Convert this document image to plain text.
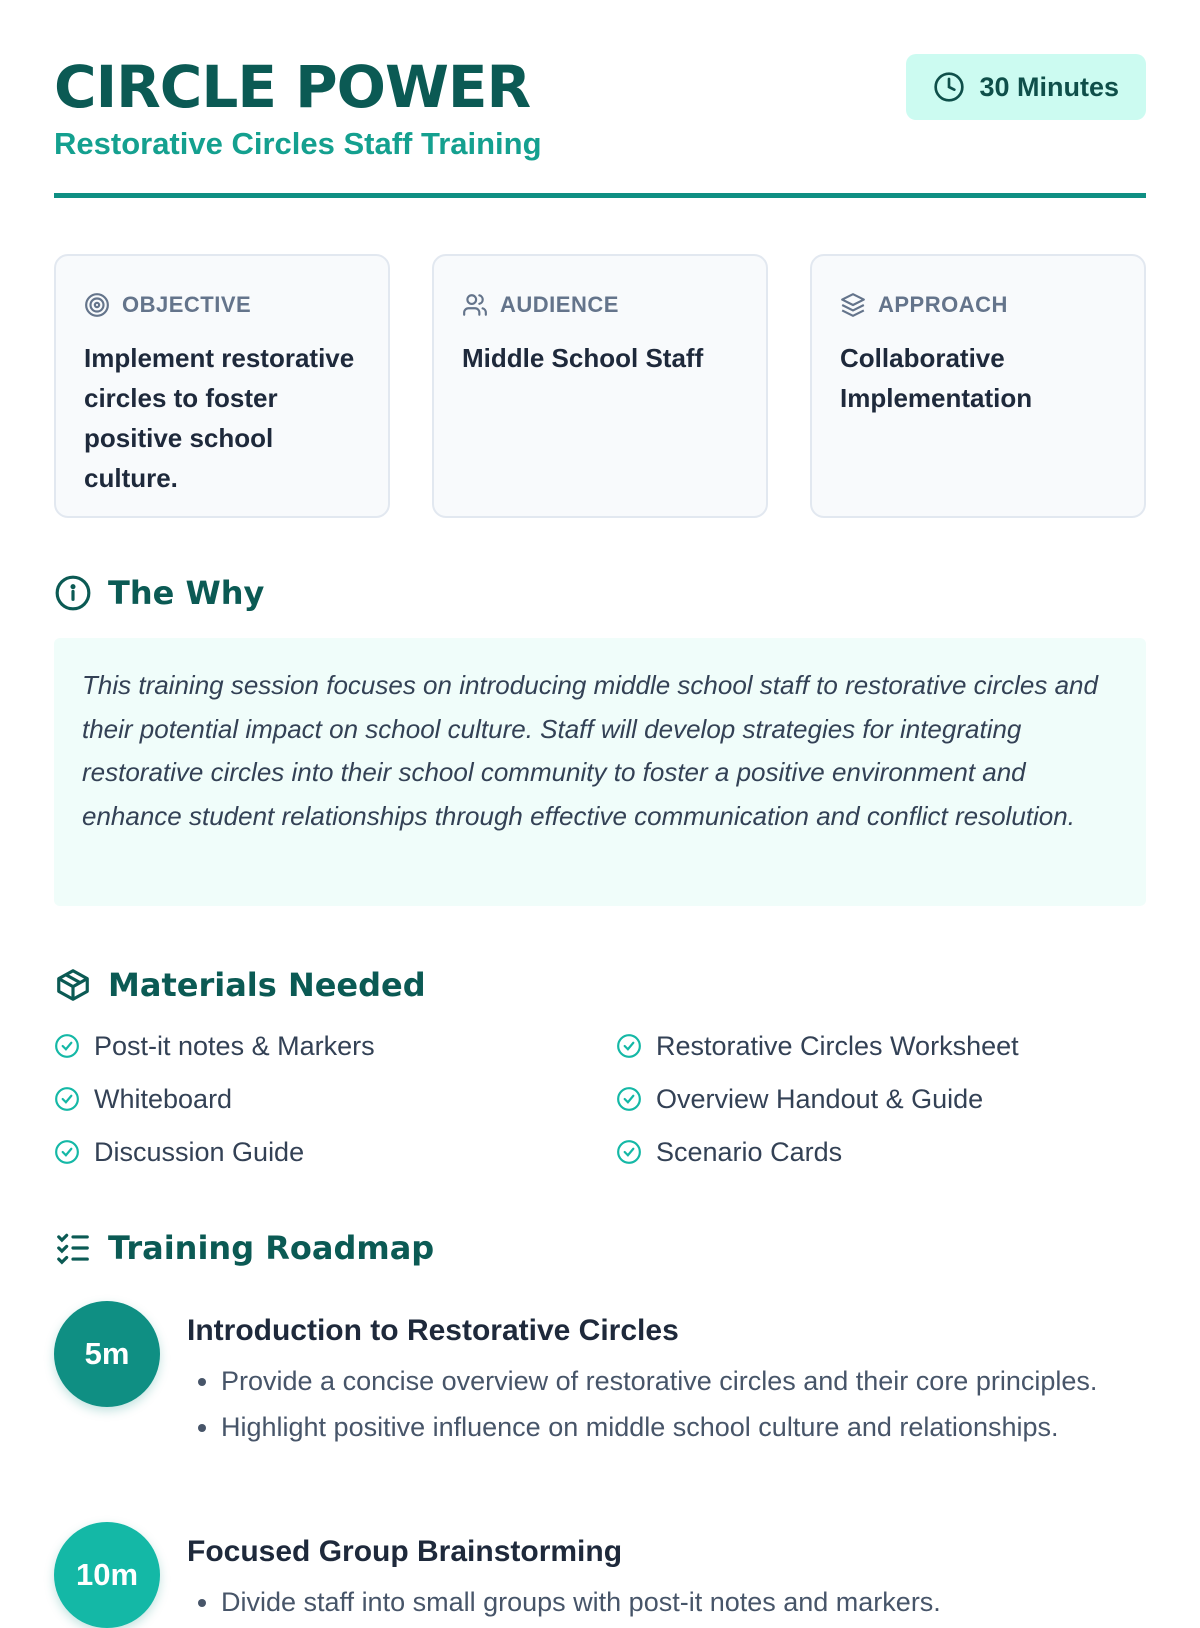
CIRCLE POWER
Restorative Circles Staff Training
30 Minutes
OBJECTIVE
Implement restorative circles to foster positive school culture.
AUDIENCE
Middle School Staff
APPROACH
Collaborative Implementation
The Why
This training session focuses on introducing middle school staff to restorative circles and their potential impact on school culture. Staff will develop strategies for integrating restorative circles into their school community to foster a positive environment and enhance student relationships through effective communication and conflict resolution.
Materials Needed
Post-it notes & Markers	Restorative Circles Worksheet
Whiteboard	Overview Handout & Guide
Discussion Guide	Scenario Cards
Training Roadmap
5m
Introduction to Restorative Circles
• Provide a concise overview of restorative circles and their core principles.
• Highlight positive influence on middle school culture and relationships.
10m
Focused Group Brainstorming
• Divide staff into small groups with post-it notes and markers.
